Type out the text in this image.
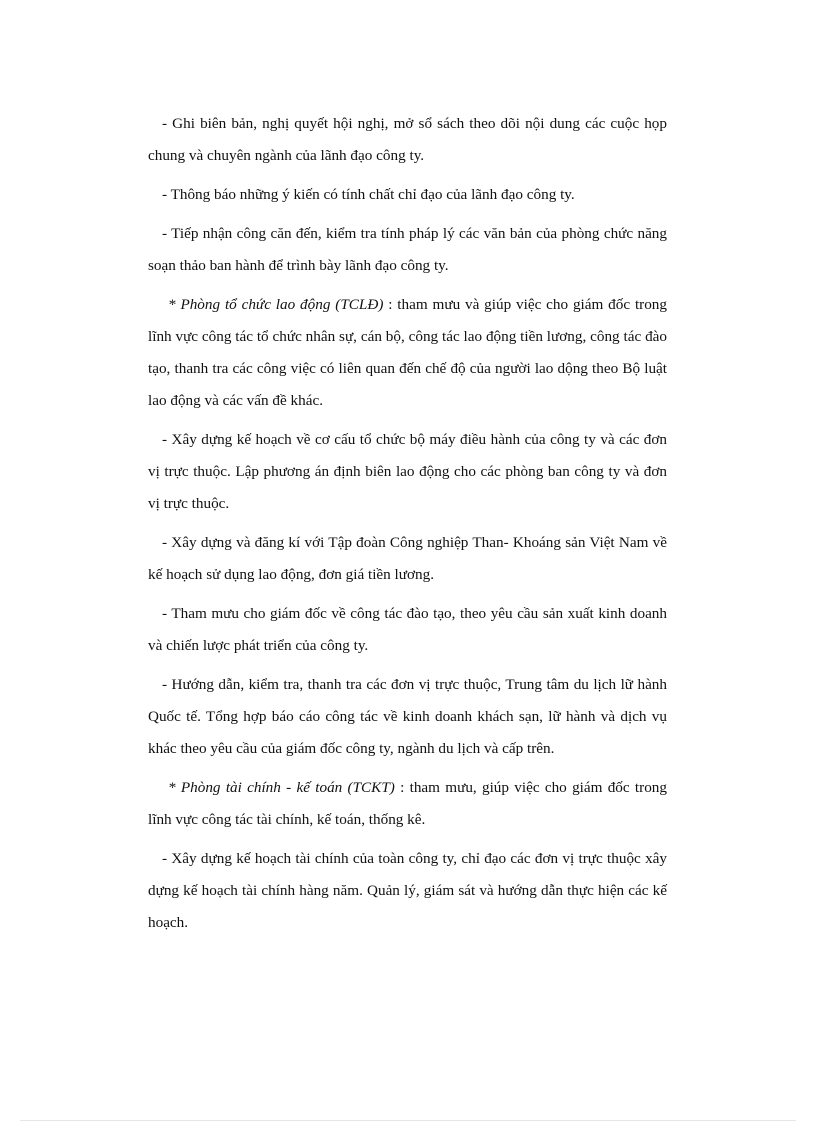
- Ghi biên bản, nghị quyết hội nghị, mở sổ sách theo dõi nội dung các cuộc họp chung và chuyên ngành của lãnh đạo công ty.

- Thông báo những ý kiến có tính chất chỉ đạo của lãnh đạo công ty.

- Tiếp nhận công căn đến, kiểm tra tính pháp lý các văn bản của phòng chức năng soạn thảo ban hành để trình bày lãnh đạo công ty.

* Phòng tổ chức lao động (TCLĐ) : tham mưu và giúp việc cho giám đốc trong lĩnh vực công tác tổ chức nhân sự, cán bộ, công tác lao động tiền lương, công tác đào tạo, thanh tra các công việc có liên quan đến chế độ của người lao dộng theo Bộ luật lao động và các vấn đề khác.

- Xây dựng kế hoạch về cơ cấu tổ chức bộ máy điều hành của công ty và các đơn vị trực thuộc. Lập phương án định biên lao động cho các phòng ban công ty và đơn vị trực thuộc.

- Xây dựng và đăng kí với Tập đoàn Công nghiệp Than- Khoáng sản Việt Nam về kế hoạch sử dụng lao động, đơn giá tiền lương.

- Tham mưu cho giám đốc về công tác đào tạo, theo yêu cầu sản xuất kinh doanh và chiến lược phát triển của công ty.

- Hướng dẫn, kiểm tra, thanh tra các đơn vị trực thuộc, Trung tâm du lịch lữ hành Quốc tế. Tổng hợp báo cáo công tác về kinh doanh khách sạn, lữ hành và dịch vụ khác theo yêu cầu của giám đốc công ty, ngành du lịch và cấp trên.

* Phòng tài chính - kế toán (TCKT) : tham mưu, giúp việc cho giám đốc trong lĩnh vực công tác tài chính, kế toán, thống kê.

- Xây dựng kế hoạch tài chính của toàn công ty, chỉ đạo các đơn vị trực thuộc xây dựng kế hoạch tài chính hàng năm. Quản lý, giám sát và hướng dẫn thực hiện các kế hoạch.
